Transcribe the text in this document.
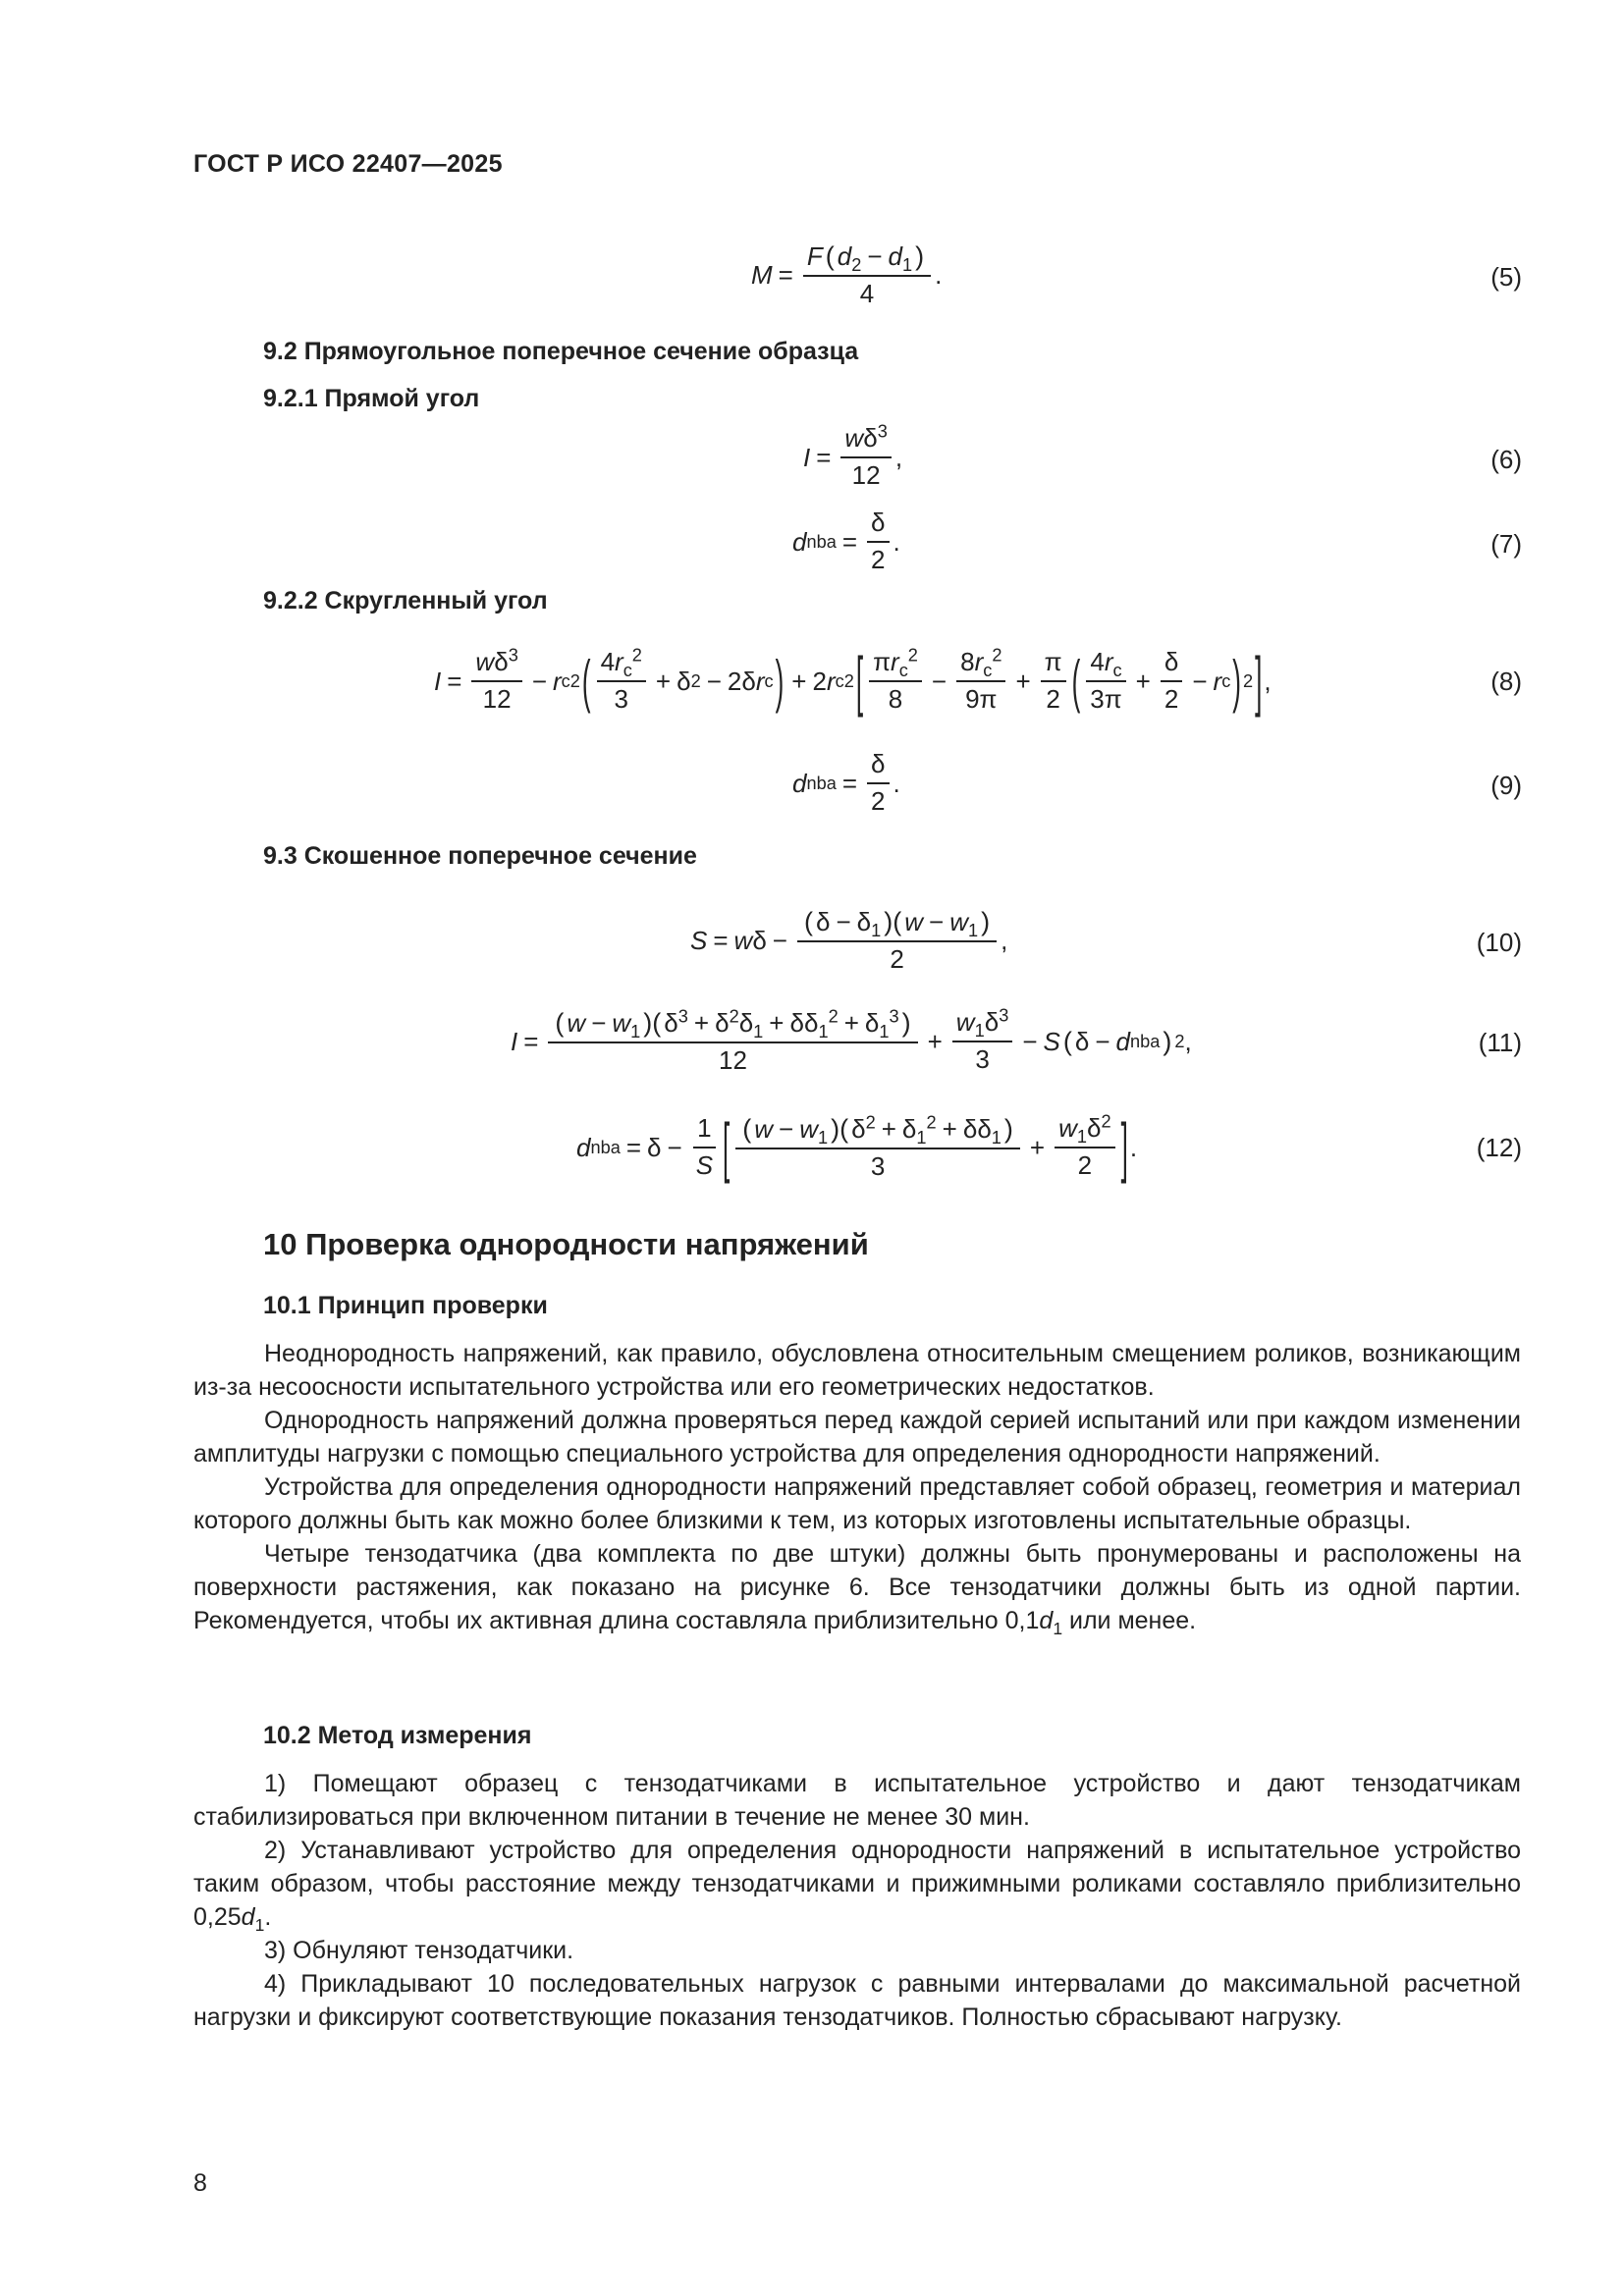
ГОСТ Р ИСО 22407—2025
$M = \frac{F ( d_2 - d_1 )}{4}$ .	(5)
9.2 Прямоугольное поперечное сечение образца
9.2.1 Прямой угол
$I = \frac{w\delta^3}{12}$ ,	(6)
d nba = $\frac{\delta}{2}$ .	(7)
9.2.2 Скругленный угол
$I = \frac{w\delta^3}{12} - r$ c 2 ( $4r_c^2$
3
+ δ 2 − 2δ r c ) + 2 r c 2 [ $\pi r_c^2$
8
− $\frac{8r_c^2}{9\pi} + \frac{\pi}{2}$ ( $4r_c$
3π
+ $\frac{\delta}{2} - r$ c ) 2 ] ,	(8)
d nba = $\frac{\delta}{2}$ .	(9)
9.3 Скошенное поперечное сечение
S = w $\delta - \frac{( \delta - \delta_1 )( w - w_1 )}{2}$ ,	(10)
$I = \frac{( w - w_1 )( \delta^3 + \delta^2\delta_1 + \delta\delta_1^2 + \delta_1^3 )}{12} + \frac{w_1\delta^3}{3} - S$ ( δ − d nba ) 2 ,	(11)
d nba = $\delta - \frac{1}{S}$ [ ( $w - w_1$ )( $\delta^2 + \delta_1^2 + \delta\delta_1$ )
3
+ $\frac{w_1\delta^2}{2}$ ] .	(12)
10 Проверка однородности напряжений
10.1 Принцип проверки

Неоднородность напряжений, как правило, обусловлена относительным смещением роликов, возникающим из-за несоосности испытательного устройства или его геометрических недостатков.

Однородность напряжений должна проверяться перед каждой серией испытаний или при каждом изменении амплитуды нагрузки с помощью специального устройства для определения однородности напряжений.

Устройства для определения однородности напряжений представляет собой образец, геометрия и материал которого должны быть как можно более близкими к тем, из которых изготовлены испытательные образцы.

Четыре тензодатчика (два комплекта по две штуки) должны быть пронумерованы и расположены на поверхности растяжения, как показано на рисунке 6. Все тензодатчики должны быть из одной партии. Рекомендуется, чтобы их активная длина составляла приблизительно $0,1d_1$ или менее.

10.2 Метод измерения

1) Помещают образец с тензодатчиками в испытательное устройство и дают тензодатчикам стабилизироваться при включенном питании в течение не менее 30 мин.

2) Устанавливают устройство для определения однородности напряжений в испытательное устройство таким образом, чтобы расстояние между тензодатчиками и прижимными роликами составляло приблизительно $0,25d_1$.

3) Обнуляют тензодатчики.

4) Прикладывают 10 последовательных нагрузок с равными интервалами до максимальной расчетной нагрузки и фиксируют соответствующие показания тензодатчиков. Полностью сбрасывают нагрузку.

8
